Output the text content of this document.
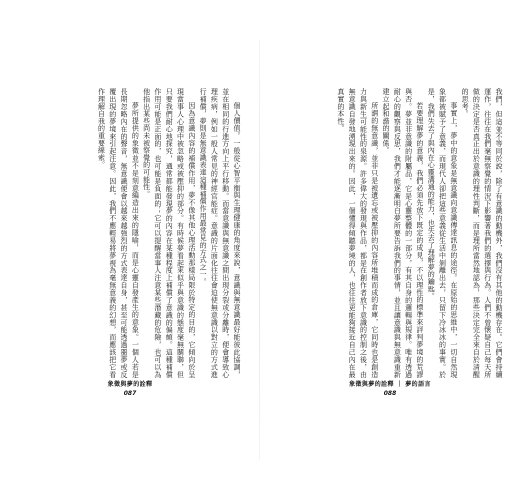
個人價值。一般從心智平衡與生理健康的角度來說，意識與無意識最好能彼此協調，並在相同的行進方向上平行移動。而當意識與無意識之間出現分裂或分離時，便會導致心理疾病，例如一般人常見的神經官能症。意識的片面化往往會迫使無意識以對立的方式進行補償，夢則是無意識表達這種補償作用最常見的方式之一。

因為意識內容的補償作用，夢不像其他心理活動那樣局限於特定的目的，它傾向於呈現當事人心理中被忽略或被壓抑的部分。有時候夢看起來似乎與意識的態度毫無關聯，但只要我們耐心地探究，通常都能發現夢的內容在某種程度上補償了意識的偏頗。這種補償作用可能是正面的，也可能是負面的；它可以提醒當事人注意某些潛藏的危險，也可以為他指出某些尚未被察覺的可能性。

夢所提供的象徵並不是刻意編造出來的隱喻，而是心靈自發產生的意象。一個人若是長期忽略內在的聲音，無意識便會以越來越強烈的方式表達自身，甚至可能透過噩夢或反覆出現的夢境來引起注意。因此，我們不應輕易將夢視為毫無意義的幻想，而應該把它看作理解自我的重要線索。

象徵與夢的詮釋
087

我們，但這並不等同於說，除了有意識的動機外，我們沒有其他的動機存在。它們會持續運作，往往在我們毫無察覺的情況下影響著我們的選擇與行為。人們不曾懷疑自己每天所做的決定是否真正出於意識的理性判斷，而是理所當然地認為，那些決定完全來自於清醒的思考。

事實上，夢中的意象是無意識向意識傳達訊息的途徑。在原始的思維中，一切自然現象都被賦予了意義，而現代人卻把這些意義從生活中剝離出去，只留下冷冰冰的事實。於是，我們失去了與內在心靈溝通的能力，也失去了理解夢的鑰匙。

若要理解夢的意義，我們必須先放下既定的成見，不以理性的標準來評判夢境的荒謬與否。夢並非意識的附屬品，它是心靈整體的一部分，有其自身的邏輯與規律。唯有透過耐心的觀察與反思，我們才能逐漸明白夢所要告訴我們的事情，並且讓意識與無意識重新建立起和諧的關係。

所謂的無意識，並非只是被遺忘或被壓抑的內容所堆積而成的倉庫，它同時也是創造力與新生可能性的泉源。許多偉大的發現與作品，都是在創作者放下意識的控制之後，由無意識自發地湧現出來的。因此，一個懂得傾聽夢境的人，也往往更能夠接近自己內在最真實的本性。

象徵與夢的詮釋 ｜ 夢的語言
088
